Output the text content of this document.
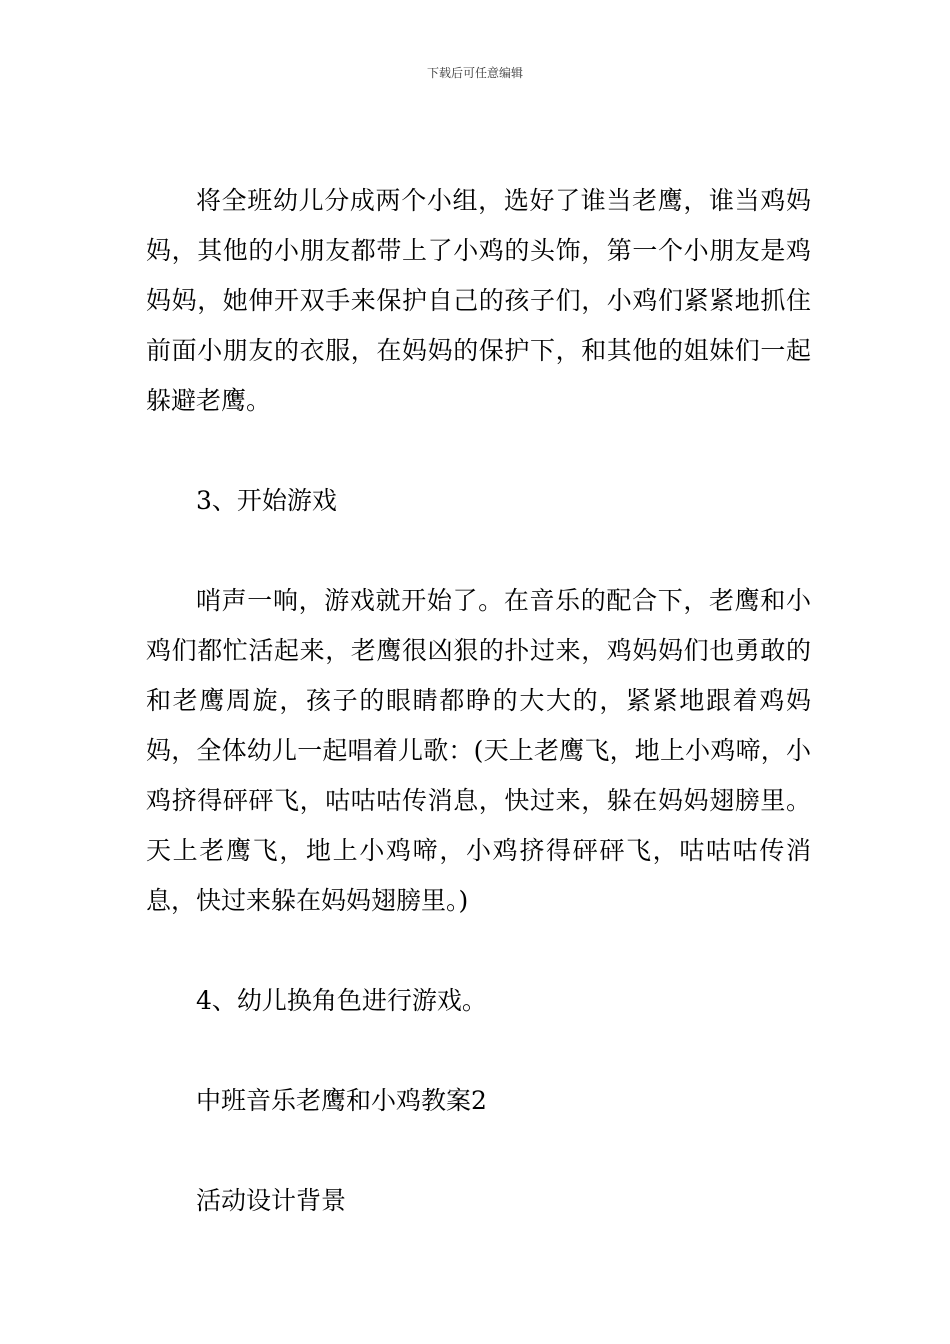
下载后可任意编辑

将全班幼儿分成两个小组，选好了谁当老鹰，谁当鸡妈妈，其他的小朋友都带上了小鸡的头饰，第一个小朋友是鸡妈妈，她伸开双手来保护自己的孩子们，小鸡们紧紧地抓住前面小朋友的衣服，在妈妈的保护下，和其他的姐妹们一起躲避老鹰。

3、开始游戏

哨声一响，游戏就开始了。在音乐的配合下，老鹰和小鸡们都忙活起来，老鹰很凶狠的扑过来，鸡妈妈们也勇敢的和老鹰周旋，孩子的眼睛都睁的大大的，紧紧地跟着鸡妈妈，全体幼儿一起唱着儿歌：(天上老鹰飞，地上小鸡啼，小鸡挤得砰砰飞，咕咕咕传消息，快过来，躲在妈妈翅膀里。天上老鹰飞，地上小鸡啼，小鸡挤得砰砰飞，咕咕咕传消息，快过来躲在妈妈翅膀里。)

4、幼儿换角色进行游戏。

中班音乐老鹰和小鸡教案2

活动设计背景
